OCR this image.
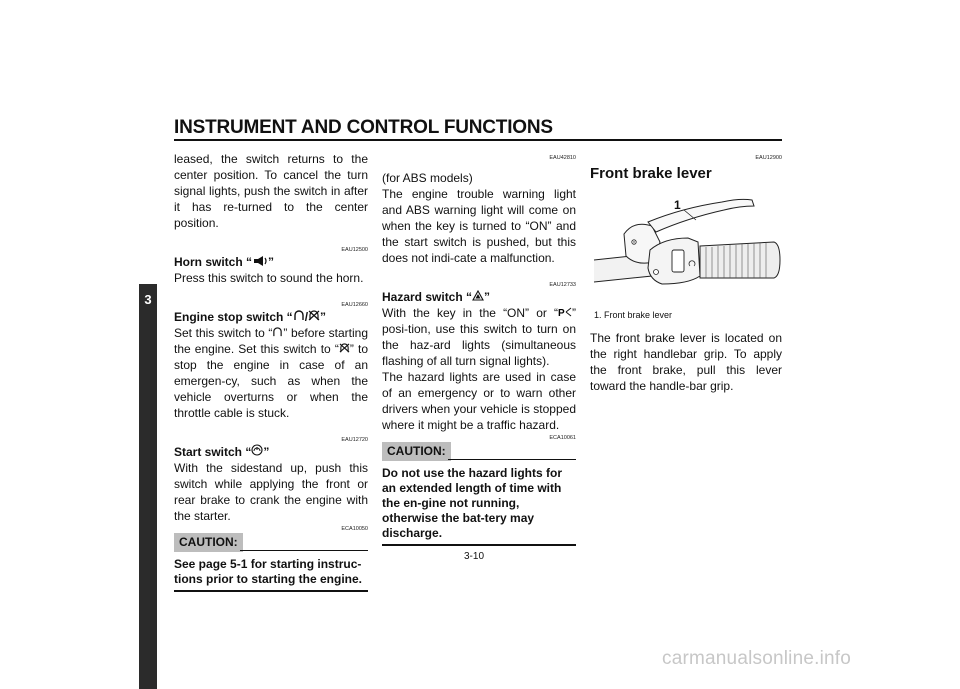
INSTRUMENT AND CONTROL FUNCTIONS
3

leased, the switch returns to the center position. To cancel the turn signal lights, push the switch in after it has re-turned to the center position.

EAU12500
Horn switch “ ”

Press this switch to sound the horn.

EAU12660
Engine stop switch “ / ”

Set this switch to “ ” before starting the engine. Set this switch to “ ” to stop the engine in case of an emergen-cy, such as when the vehicle overturns or when the throttle cable is stuck.

EAU12720
Start switch “ ”

With the sidestand up, push this switch while applying the front or rear brake to crank the engine with the starter.

ECA10050
CAUTION:
See page 5-1 for starting instruc-tions prior to starting the engine.
EAU42810

(for ABS models)

The engine trouble warning light and ABS warning light will come on when the key is turned to “ON” and the start switch is pushed, but this does not indi-cate a malfunction.

EAU12733
Hazard switch “ ”

With the key in the “ON” or “ P ” posi-tion, use this switch to turn on the haz-ard lights (simultaneous flashing of all turn signal lights).

The hazard lights are used in case of an emergency or to warn other drivers when your vehicle is stopped where it might be a traffic hazard.

ECA10061
CAUTION:
Do not use the hazard lights for an extended length of time with the en-gine not running, otherwise the bat-tery may discharge.
EAU12900
Front brake lever
1
1. Front brake lever

The front brake lever is located on the right handlebar grip. To apply the front brake, pull this lever toward the handle-bar grip.

3-10
carmanualsonline.info
